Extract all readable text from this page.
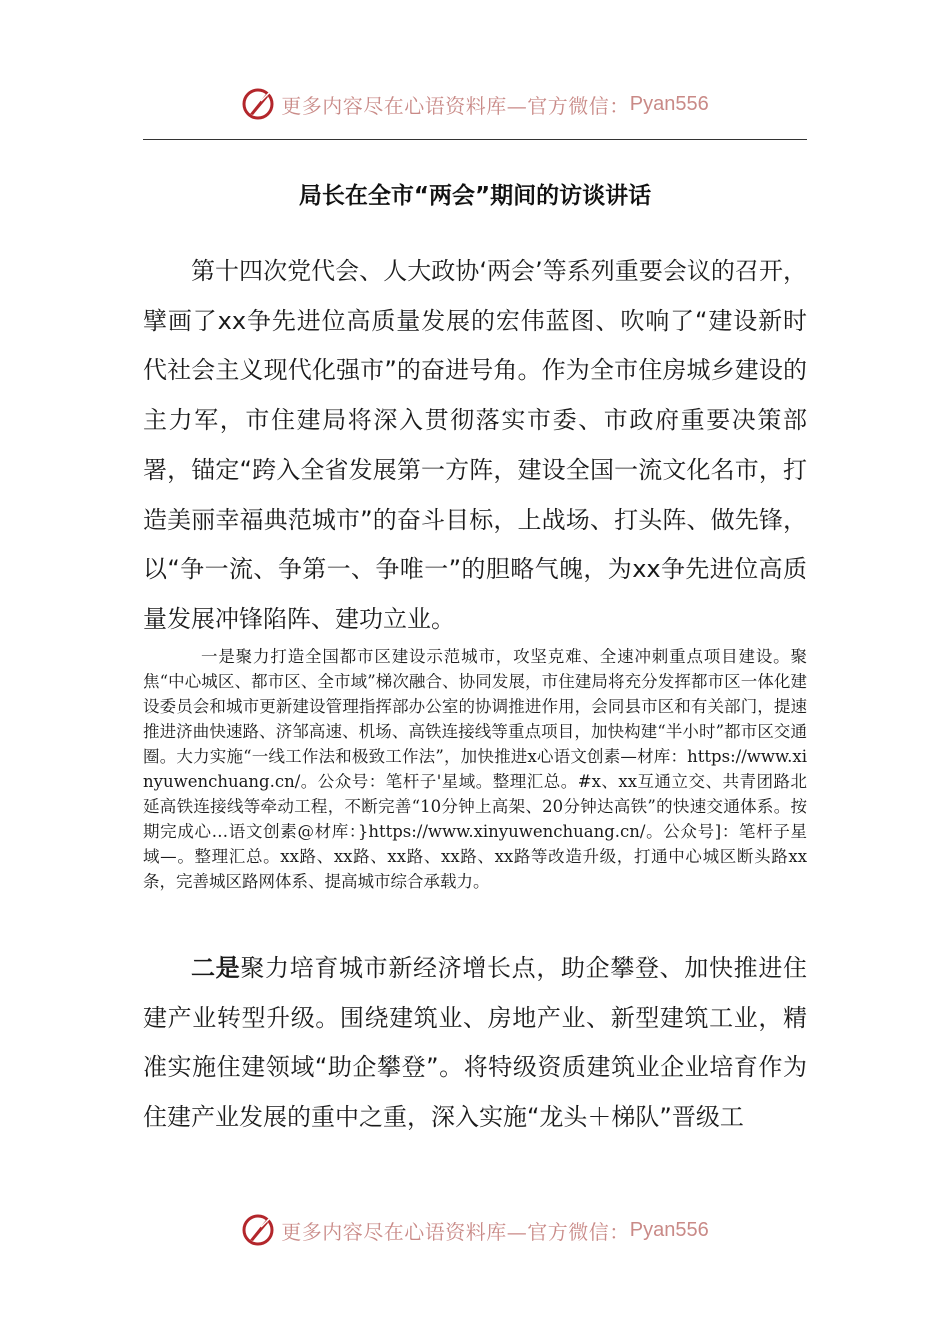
更多内容尽在心语资料库—官方微信： Pyan556
局长在全市“两会”期间的访谈讲话
第十四次党代会、人大政协‘两会’等系列重要会议的召开，擘画了xx争先进位高质量发展的宏伟蓝图、吹响了“建设新时代社会主义现代化强市”的奋进号角。作为全市住房城乡建设的主力军，市住建局将深入贯彻落实市委、市政府重要决策部署，锚定“跨入全省发展第一方阵，建设全国一流文化名市，打造美丽幸福典范城市”的奋斗目标，上战场、打头阵、做先锋，以“争一流、争第一、争唯一”的胆略气魄，为xx争先进位高质量发展冲锋陷阵、建功立业。
一是聚力打造全国都市区建设示范城市，攻坚克难、全速冲刺重点项目建设。聚焦“中心城区、都市区、全市域”梯次融合、协同发展，市住建局将充分发挥都市区一体化建设委员会和城市更新建设管理指挥部办公室的协调推进作用，会同县市区和有关部门，提速推进济曲快速路、济邹高速、机场、高铁连接线等重点项目，加快构建“半小时”都市区交通圈。大力实施“一线工作法和极致工作法”，加快推进x心语文创素—材库：https://www.xinyuwenchuang.cn/。公众号：笔杆子'星域。整理汇总。#x、xx互通立交、共青团路北延高铁连接线等牵动工程，不断完善“10分钟上高架、20分钟达高铁”的快速交通体系。按期完成心…语文创素@材库：}https://www.xinyuwenchuang.cn/。公众号]：笔杆子星域—。整理汇总。xx路、xx路、xx路、xx路、xx路等改造升级，打通中心城区断头路xx条，完善城区路网体系、提高城市综合承载力。
二是聚力培育城市新经济增长点，助企攀登、加快推进住建产业转型升级。围绕建筑业、房地产业、新型建筑工业，精准实施住建领域“助企攀登”。将特级资质建筑业企业培育作为住建产业发展的重中之重，深入实施“龙头＋梯队”晋级工
更多内容尽在心语资料库—官方微信： Pyan556
